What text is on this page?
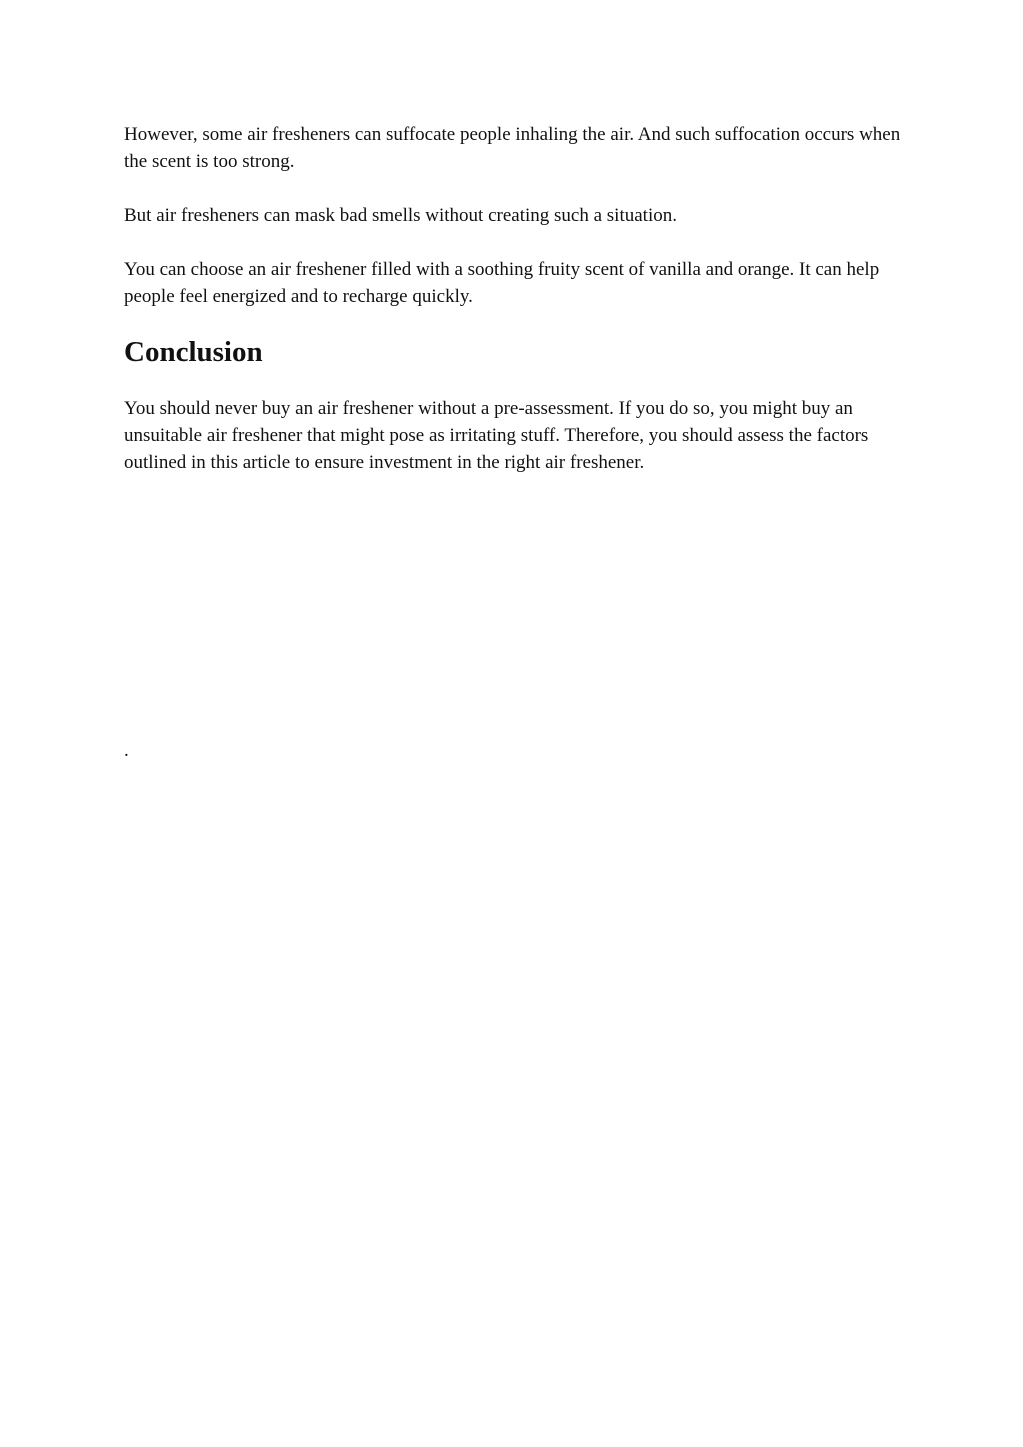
However, some air fresheners can suffocate people inhaling the air. And such suffocation occurs when the scent is too strong.

But air fresheners can mask bad smells without creating such a situation.

You can choose an air freshener filled with a soothing fruity scent of vanilla and orange. It can help people feel energized and to recharge quickly.

Conclusion

You should never buy an air freshener without a pre-assessment. If you do so, you might buy an unsuitable air freshener that might pose as irritating stuff. Therefore, you should assess the factors outlined in this article to ensure investment in the right air freshener.

.
